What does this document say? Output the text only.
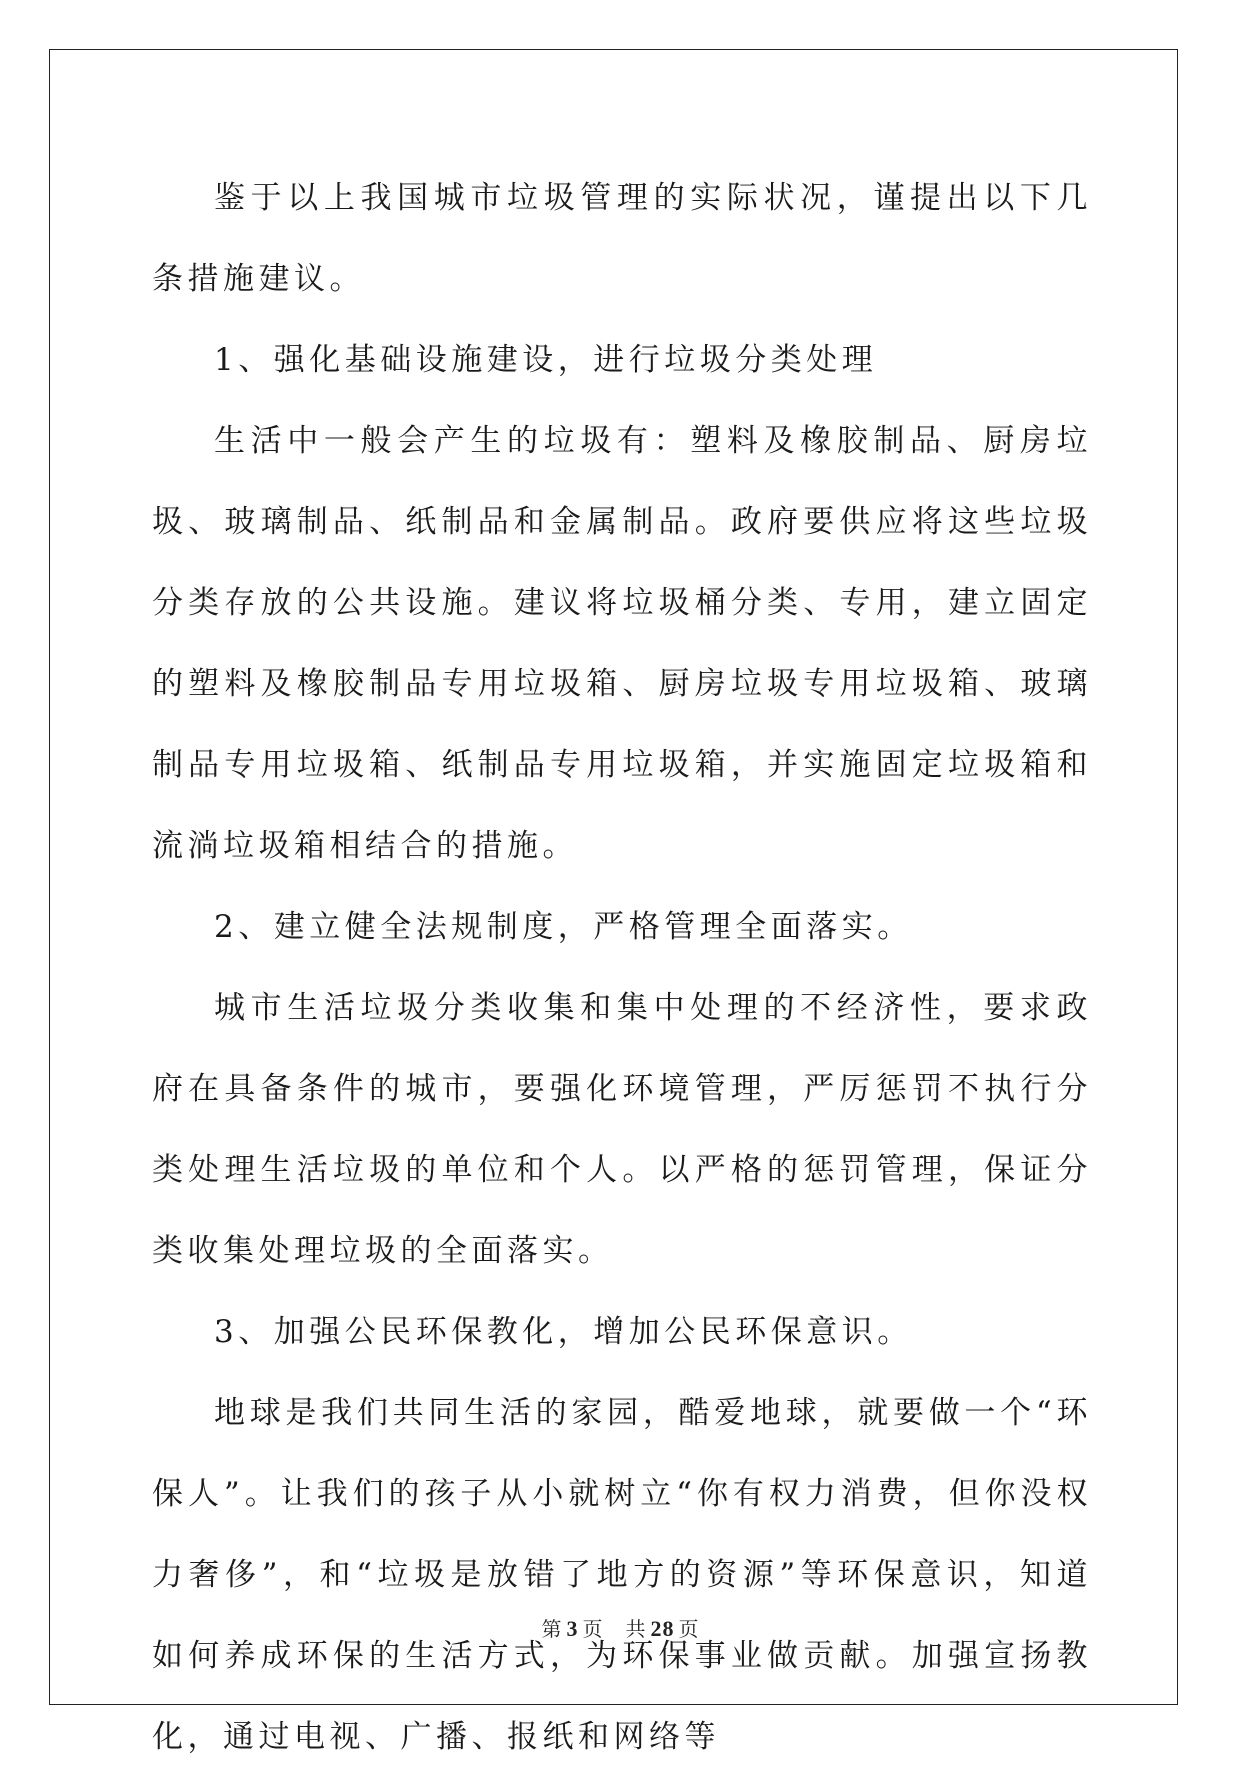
鉴于以上我国城市垃圾管理的实际状况，谨提出以下几条措施建议。

1、强化基础设施建设，进行垃圾分类处理

生活中一般会产生的垃圾有：塑料及橡胶制品、厨房垃圾、玻璃制品、纸制品和金属制品。政府要供应将这些垃圾分类存放的公共设施。建议将垃圾桶分类、专用，建立固定的塑料及橡胶制品专用垃圾箱、厨房垃圾专用垃圾箱、玻璃制品专用垃圾箱、纸制品专用垃圾箱，并实施固定垃圾箱和流淌垃圾箱相结合的措施。

2、建立健全法规制度，严格管理全面落实。

城市生活垃圾分类收集和集中处理的不经济性，要求政府在具备条件的城市，要强化环境管理，严厉惩罚不执行分类处理生活垃圾的单位和个人。以严格的惩罚管理，保证分类收集处理垃圾的全面落实。

3、加强公民环保教化，增加公民环保意识。

地球是我们共同生活的家园，酷爱地球，就要做一个“环保人”。让我们的孩子从小就树立“你有权力消费，但你没权力奢侈”，和“垃圾是放错了地方的资源”等环保意识，知道如何养成环保的生活方式，为环保事业做贡献。加强宣扬教化，通过电视、广播、报纸和网络等

第 3 页 共 28 页
